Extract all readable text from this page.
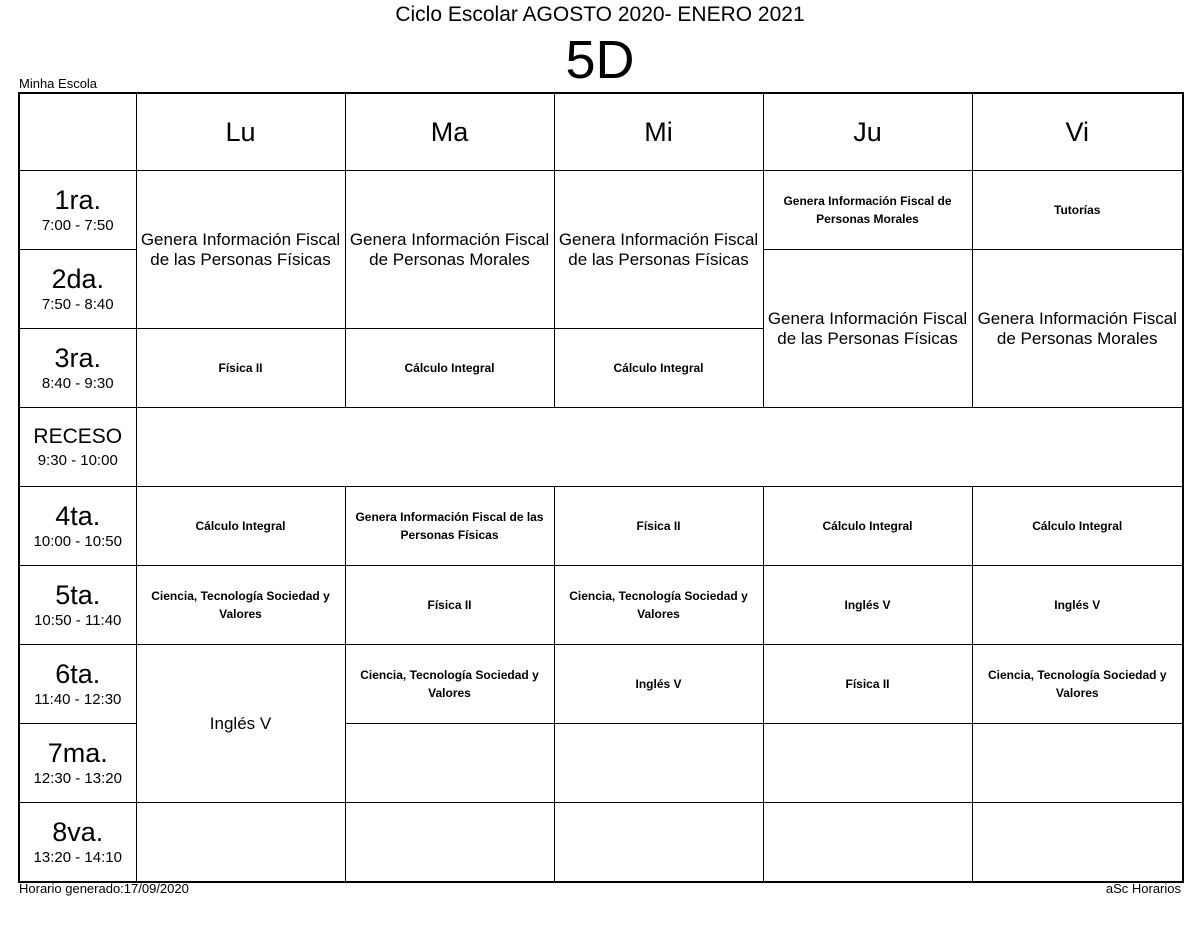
Ciclo Escolar AGOSTO 2020- ENERO 2021
5D
Minha Escola
	Lu	Ma	Mi	Ju	Vi

1ra.
7:00 - 7:50	Genera Información Fiscal de las Personas Físicas	Genera Información Fiscal de Personas Morales	Genera Información Fiscal de las Personas Físicas	Genera Información Fiscal de Personas Morales	Tutorías

2da.
7:50 - 8:40				Genera Información Fiscal de las Personas Físicas	Genera Información Fiscal de Personas Morales

3ra.
8:40 - 9:30	Física II	Cálculo Integral	Cálculo Integral		

RECESO
9:30 - 10:00					

4ta.
10:00 - 10:50	Cálculo Integral	Genera Información Fiscal de las Personas Físicas	Física II	Cálculo Integral	Cálculo Integral

5ta.
10:50 - 11:40	Ciencia, Tecnología Sociedad y Valores	Física II	Ciencia, Tecnología Sociedad y Valores	Inglés V	Inglés V

6ta.
11:40 - 12:30	Inglés V	Ciencia, Tecnología Sociedad y Valores	Inglés V	Física II	Ciencia, Tecnología Sociedad y Valores

7ma.
12:30 - 13:20					

8va.
13:20 - 14:10					

Horario generado:17/09/2020	aSc Horarios
